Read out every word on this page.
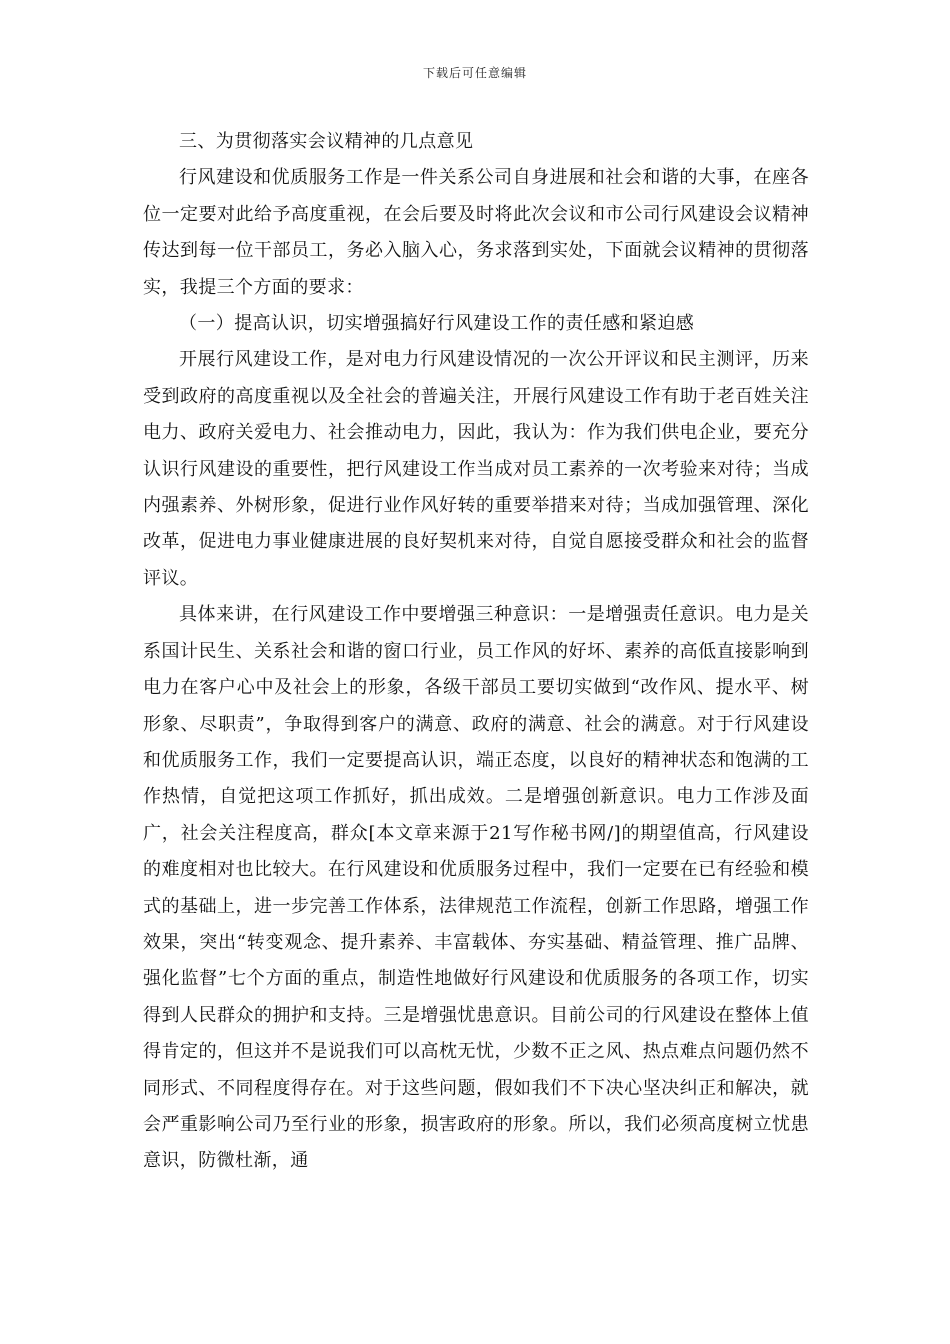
下载后可任意编辑

三、为贯彻落实会议精神的几点意见

行风建设和优质服务工作是一件关系公司自身进展和社会和谐的大事，在座各位一定要对此给予高度重视，在会后要及时将此次会议和市公司行风建设会议精神传达到每一位干部员工，务必入脑入心，务求落到实处，下面就会议精神的贯彻落实，我提三个方面的要求：

（一）提高认识，切实增强搞好行风建设工作的责任感和紧迫感

开展行风建设工作，是对电力行风建设情况的一次公开评议和民主测评，历来受到政府的高度重视以及全社会的普遍关注，开展行风建设工作有助于老百姓关注电力、政府关爱电力、社会推动电力，因此，我认为：作为我们供电企业，要充分认识行风建设的重要性，把行风建设工作当成对员工素养的一次考验来对待；当成内强素养、外树形象，促进行业作风好转的重要举措来对待；当成加强管理、深化改革，促进电力事业健康进展的良好契机来对待，自觉自愿接受群众和社会的监督评议。

具体来讲，在行风建设工作中要增强三种意识：一是增强责任意识。电力是关系国计民生、关系社会和谐的窗口行业，员工作风的好坏、素养的高低直接影响到电力在客户心中及社会上的形象，各级干部员工要切实做到“改作风、提水平、树形象、尽职责”，争取得到客户的满意、政府的满意、社会的满意。对于行风建设和优质服务工作，我们一定要提高认识，端正态度，以良好的精神状态和饱满的工作热情，自觉把这项工作抓好，抓出成效。二是增强创新意识。电力工作涉及面广，社会关注程度高，群众[本文章来源于21写作秘书网/]的期望值高，行风建设的难度相对也比较大。在行风建设和优质服务过程中，我们一定要在已有经验和模式的基础上，进一步完善工作体系，法律规范工作流程，创新工作思路，增强工作效果，突出“转变观念、提升素养、丰富载体、夯实基础、精益管理、推广品牌、强化监督”七个方面的重点，制造性地做好行风建设和优质服务的各项工作，切实得到人民群众的拥护和支持。三是增强忧患意识。目前公司的行风建设在整体上值得肯定的，但这并不是说我们可以高枕无忧，少数不正之风、热点难点问题仍然不同形式、不同程度得存在。对于这些问题，假如我们不下决心坚决纠正和解决，就会严重影响公司乃至行业的形象，损害政府的形象。所以，我们必须高度树立忧患意识，防微杜渐，通
